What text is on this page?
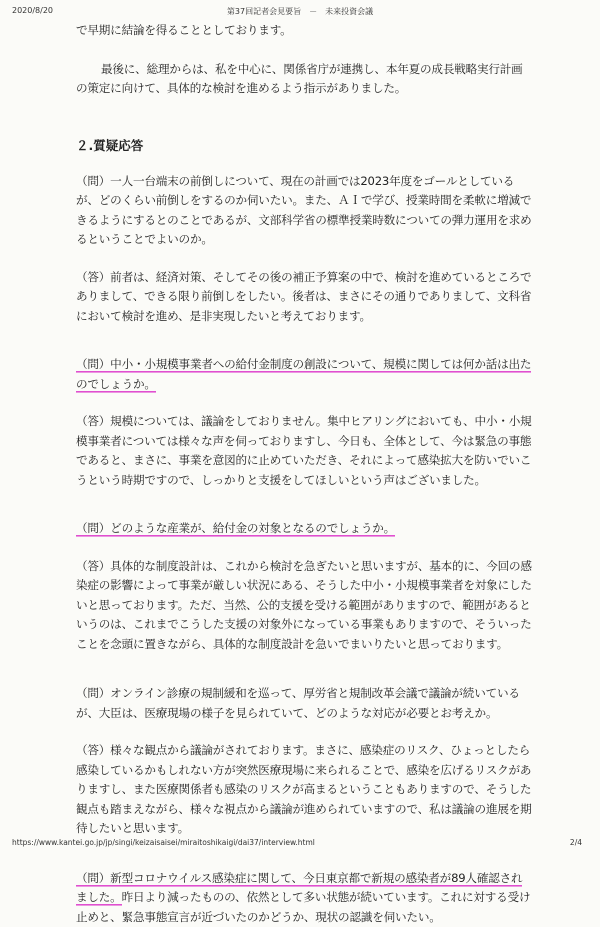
2020/8/20	第37回記者会見要旨　－　未来投資会議

で早期に結論を得ることとしております。

最後に、総理からは、私を中心に、関係省庁が連携し、本年夏の成長戦略実行計画の策定に向けて、具体的な検討を進めるよう指示がありました。

２.質疑応答

（問）一人一台端末の前倒しについて、現在の計画では2023年度をゴールとしているが、どのくらい前倒しをするのか伺いたい。また、ＡＩで学び、授業時間を柔軟に増減できるようにするとのことであるが、文部科学省の標準授業時数についての弾力運用を求めるということでよいのか。

（答）前者は、経済対策、そしてその後の補正予算案の中で、検討を進めているところでありまして、できる限り前倒しをしたい。後者は、まさにその通りでありまして、文科省において検討を進め、是非実現したいと考えております。

（問）中小・小規模事業者への給付金制度の創設について、規模に関しては何か話は出たのでしょうか。

（答）規模については、議論をしておりません。集中ヒアリングにおいても、中小・小規模事業者については様々な声を伺っておりますし、今日も、全体として、今は緊急の事態であると、まさに、事業を意図的に止めていただき、それによって感染拡大を防いでいこうという時期ですので、しっかりと支援をしてほしいという声はございました。

（問）どのような産業が、給付金の対象となるのでしょうか。

（答）具体的な制度設計は、これから検討を急ぎたいと思いますが、基本的に、今回の感染症の影響によって事業が厳しい状況にある、そうした中小・小規模事業者を対象にしたいと思っております。ただ、当然、公的支援を受ける範囲がありますので、範囲があるというのは、これまでこうした支援の対象外になっている事業もありますので、そういったことを念頭に置きながら、具体的な制度設計を急いでまいりたいと思っております。

（問）オンライン診療の規制緩和を巡って、厚労省と規制改革会議で議論が続いているが、大臣は、医療現場の様子を見られていて、どのような対応が必要とお考えか。

（答）様々な観点から議論がされております。まさに、感染症のリスク、ひょっとしたら感染しているかもしれない方が突然医療現場に来られることで、感染を広げるリスクがありますし、また医療関係者も感染のリスクが高まるということもありますので、そうした観点も踏まえながら、様々な視点から議論が進められていますので、私は議論の進展を期待したいと思います。

（問）新型コロナウイルス感染症に関して、今日東京都で新規の感染者が89人確認されました。昨日より減ったものの、依然として多い状態が続いています。これに対する受け止めと、緊急事態宣言が近づいたのかどうか、現状の認識を伺いたい。

https://www.kantei.go.jp/jp/singi/keizaisaisei/miraitoshikaigi/dai37/interview.html	2/4
